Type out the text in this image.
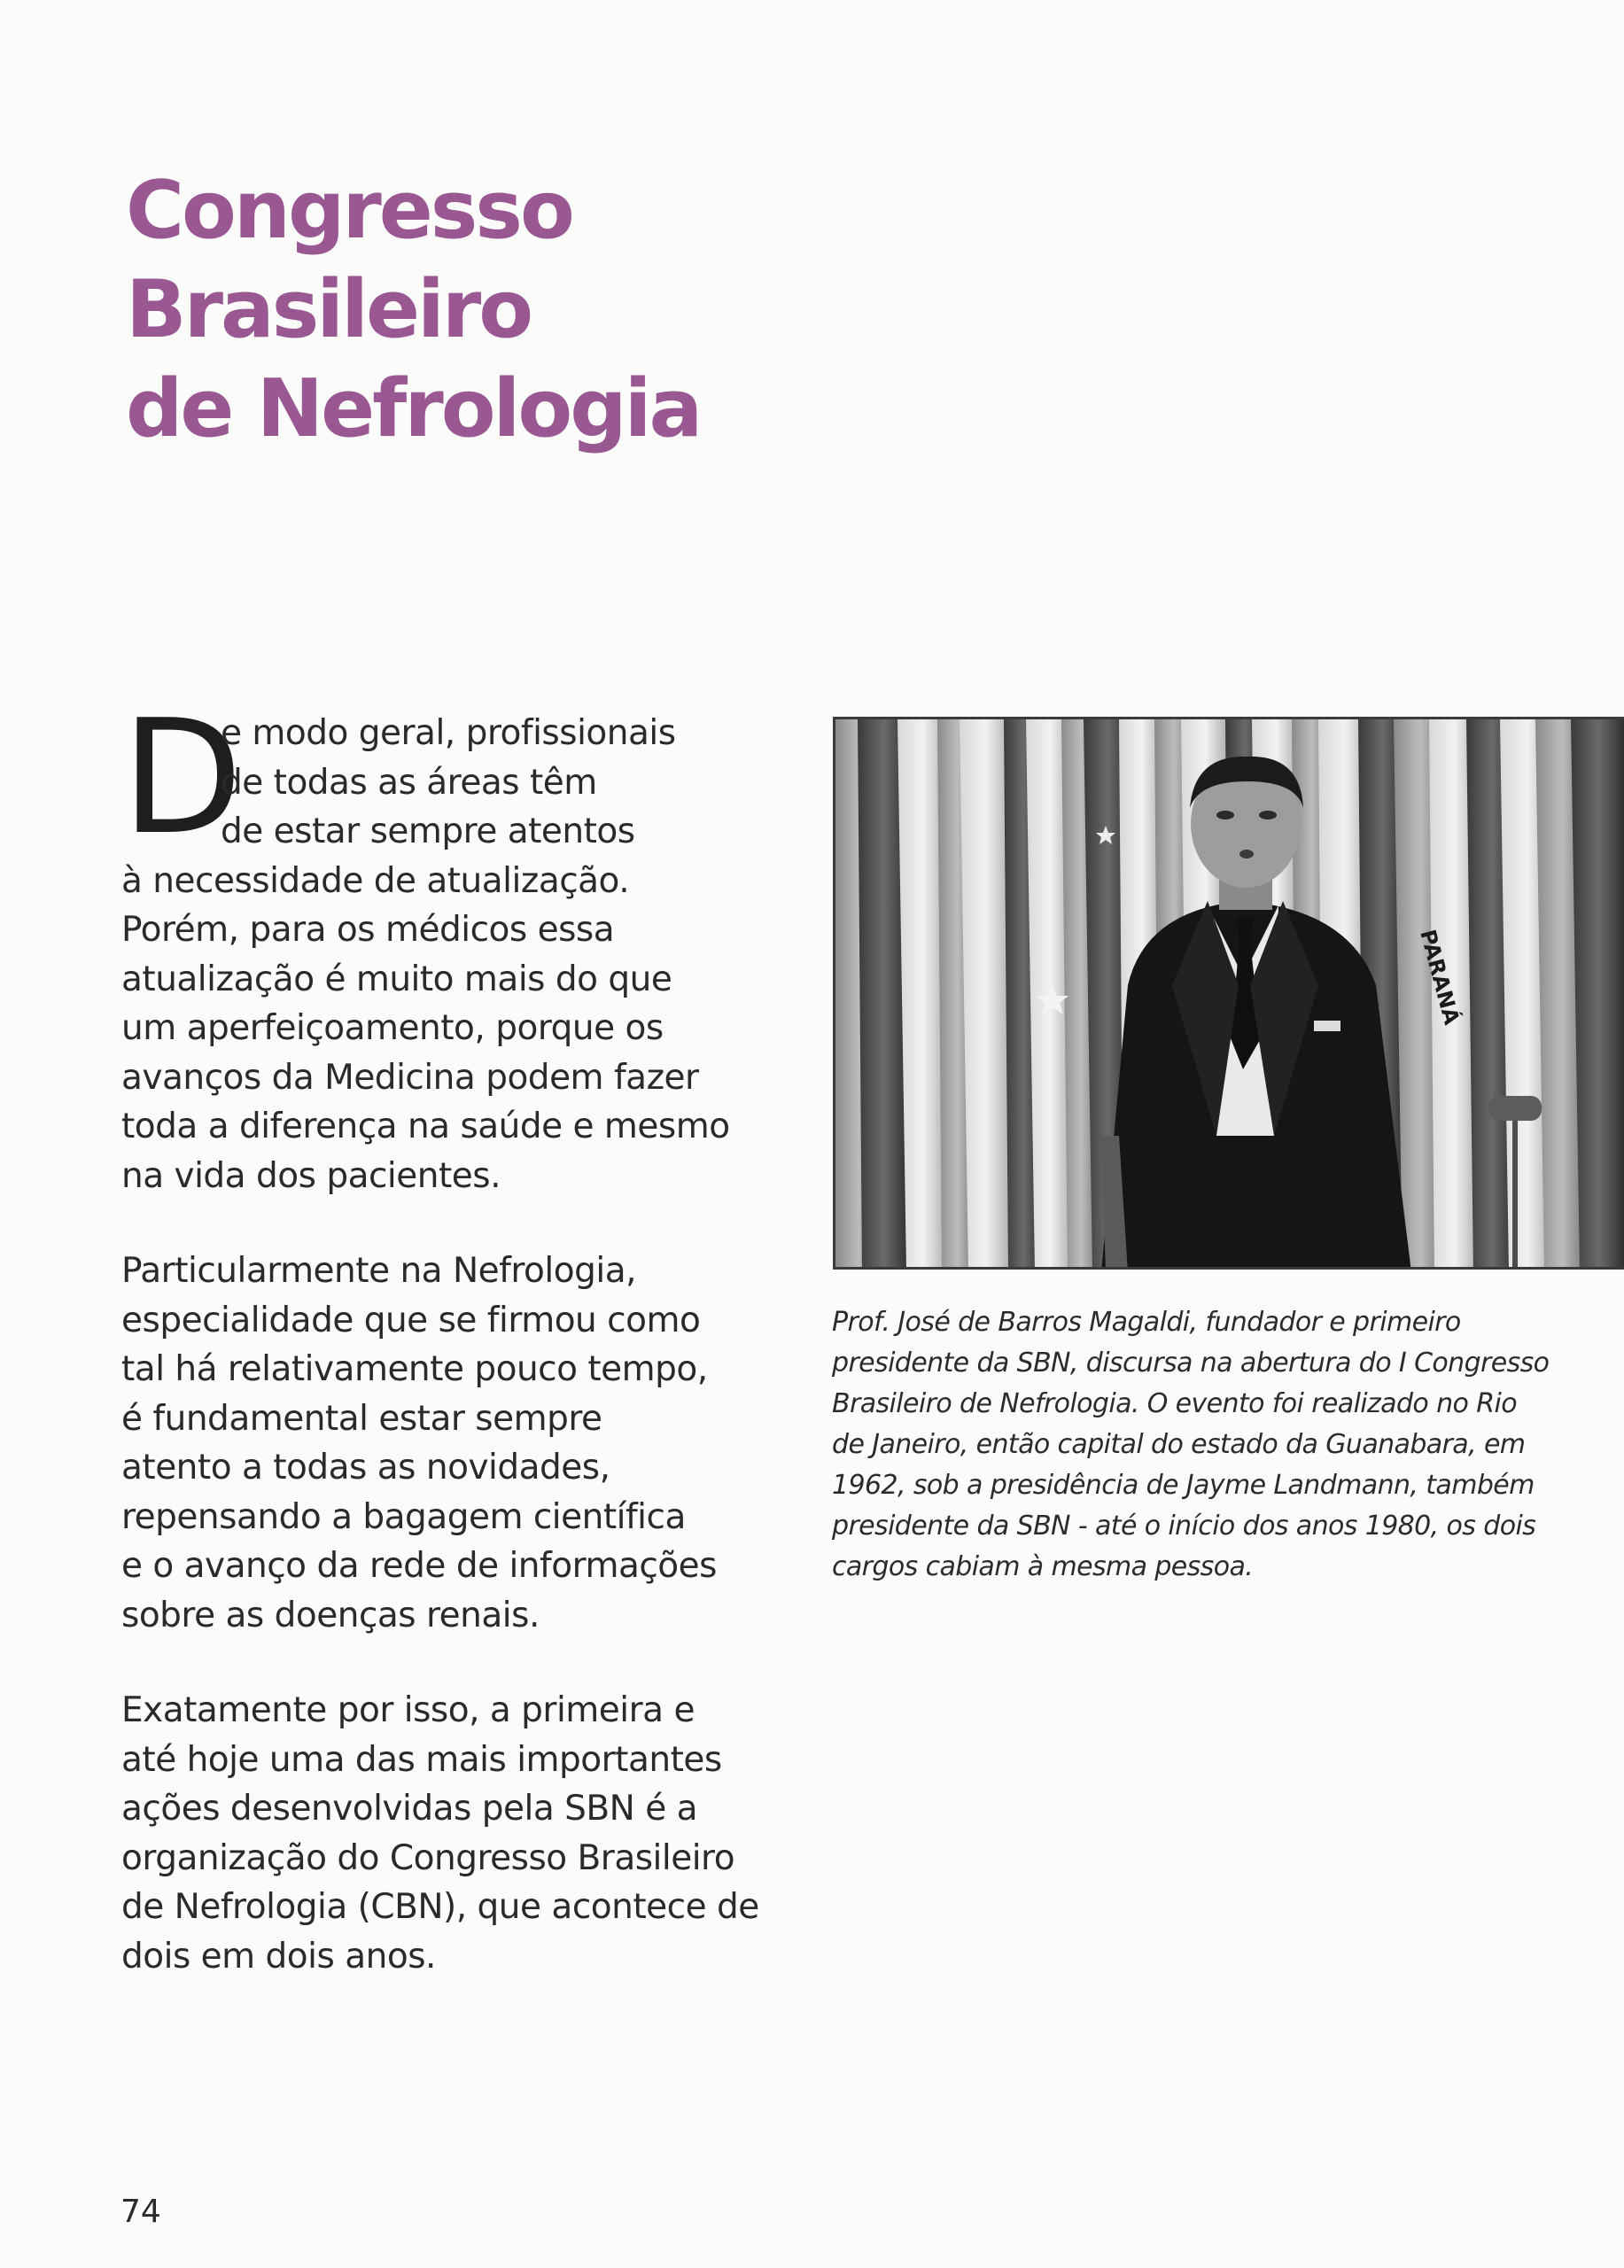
Congresso
Brasileiro
de Nefrologia
D

e modo geral, profissionais
de todas as áreas têm
de estar sempre atentos
à necessidade de atualização.
Porém, para os médicos essa
atualização é muito mais do que
um aperfeiçoamento, porque os
avanços da Medicina podem fazer
toda a diferença na saúde e mesmo
na vida dos pacientes.

Particularmente na Nefrologia,
especialidade que se firmou como
tal há relativamente pouco tempo,
é fundamental estar sempre
atento a todas as novidades,
repensando a bagagem científica
e o avanço da rede de informações
sobre as doenças renais.

Exatamente por isso, a primeira e
até hoje uma das mais importantes
ações desenvolvidas pela SBN é a
organização do Congresso Brasileiro
de Nefrologia (CBN), que acontece de
dois em dois anos.

PARANÁ
Prof. José de Barros Magaldi, fundador e primeiro
presidente da SBN, discursa na abertura do I Congresso
Brasileiro de Nefrologia. O evento foi realizado no Rio
de Janeiro, então capital do estado da Guanabara, em
1962, sob a presidência de Jayme Landmann, também
presidente da SBN - até o início dos anos 1980, os dois
cargos cabiam à mesma pessoa.
74
